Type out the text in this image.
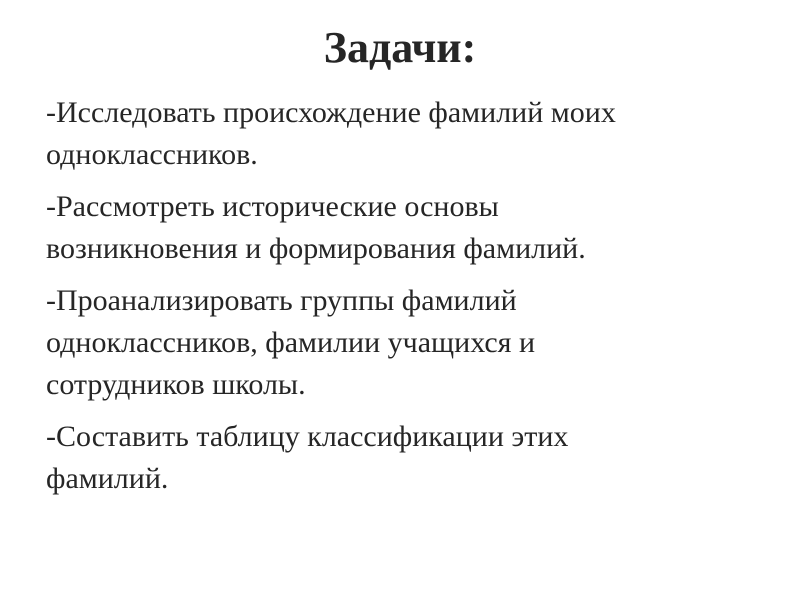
Задачи:
-Исследовать происхождение фамилий моих
одноклассников.
-Рассмотреть исторические основы
возникновения и формирования фамилий.
-Проанализировать группы фамилий
одноклассников, фамилии учащихся и
сотрудников школы.
-Составить таблицу классификации этих
фамилий.
